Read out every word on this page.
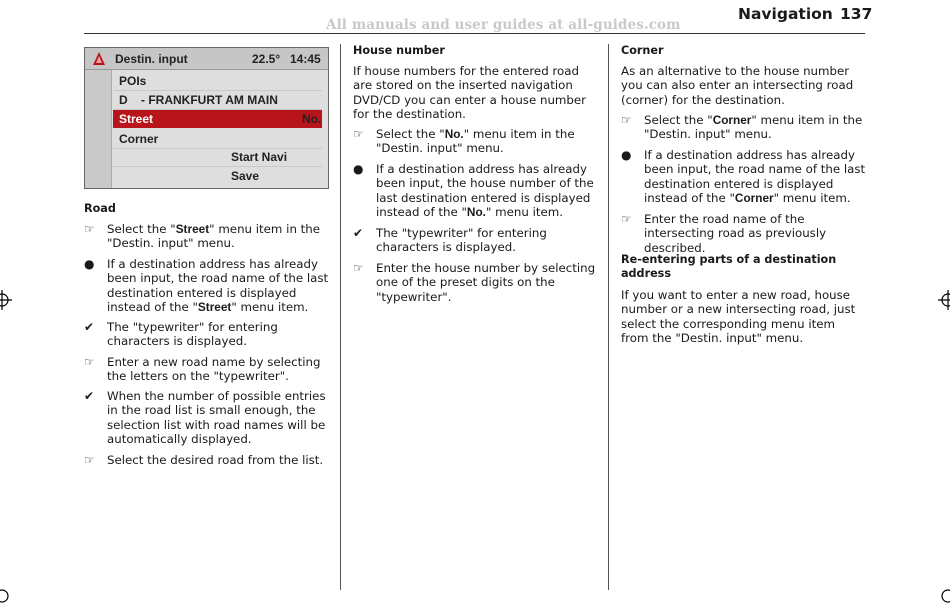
All manuals and user guides at all-guides.com
Navigation 137
Destin. input	22.5° 14:45
POIs
D    - FRANKFURT AM MAIN
Street
Corner
Start Navi
Save
No.
Road
☞	Select the "Street" menu item in the "Destin. input" menu.
●	If a destination address has already been input, the road name of the last destination entered is displayed instead of the "Street" menu item.
✔	The "typewriter" for entering characters is displayed.
☞	Enter a new road name by selecting the letters on the "typewriter".
✔	When the number of possible entries in the road list is small enough, the selection list with road names will be automatically displayed.
☞	Select the desired road from the list.
House number
If house numbers for the entered road are stored on the inserted navigation DVD/CD you can enter a house number for the destination.
☞	Select the "No." menu item in the "Destin. input" menu.
●	If a destination address has already been input, the house number of the last destination entered is displayed instead of the "No." menu item.
✔	The "typewriter" for entering characters is displayed.
☞	Enter the house number by selecting one of the preset digits on the "typewriter".
Corner
As an alternative to the house number you can also enter an intersecting road (corner) for the destination.
☞	Select the "Corner" menu item in the "Destin. input" menu.
●	If a destination address has already been input, the road name of the last destination entered is displayed instead of the "Corner" menu item.
☞	Enter the road name of the intersecting road as previously described.
Re-entering parts of a destination address
If you want to enter a new road, house number or a new intersecting road, just select the corresponding menu item from the "Destin. input" menu.
